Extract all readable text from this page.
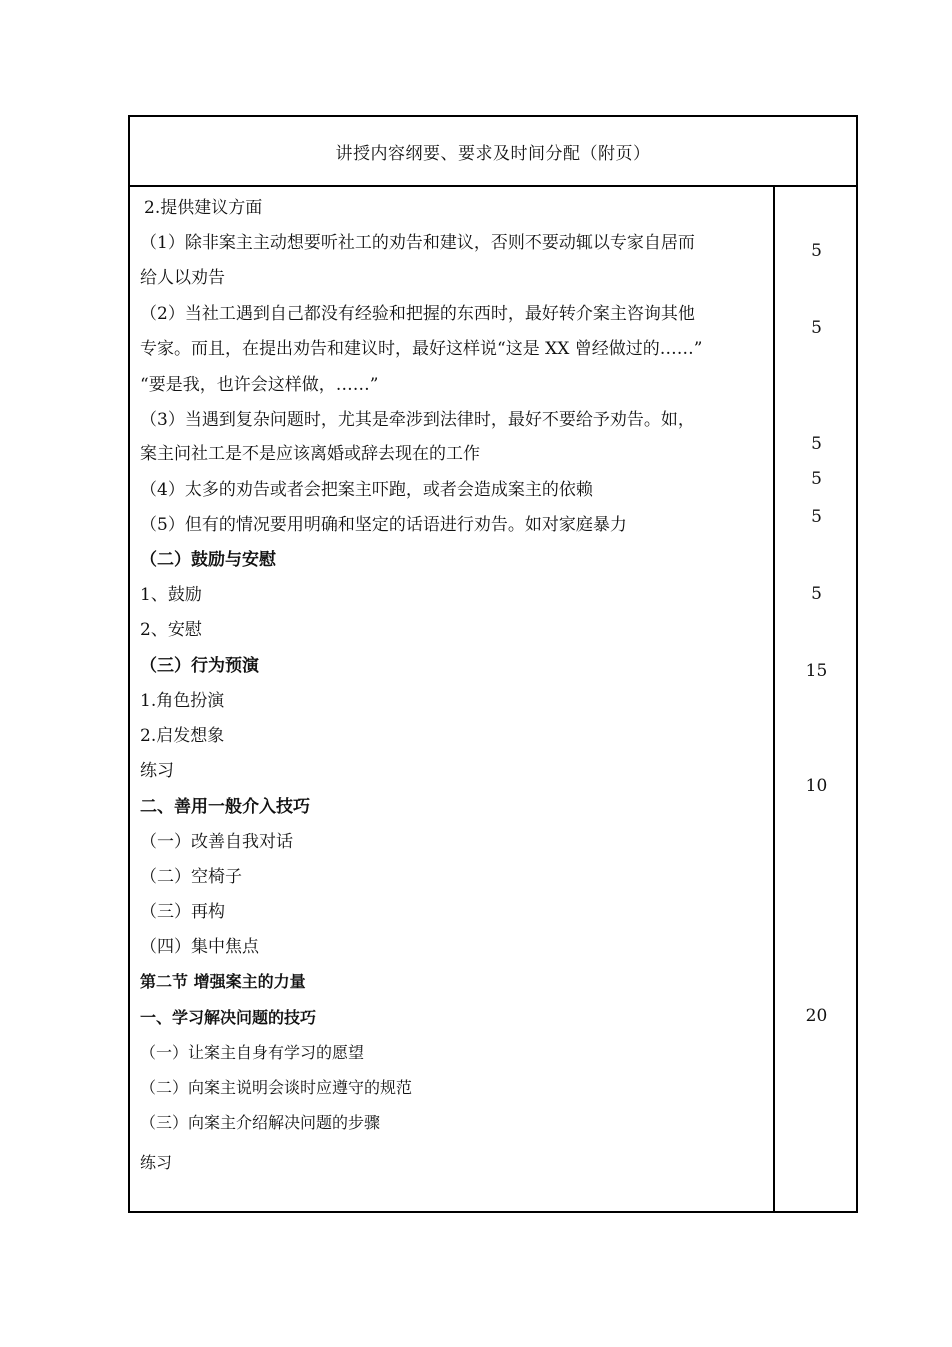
讲授内容纲要、要求及时间分配（附页）
2.提供建议方面
（1）除非案主主动想要听社工的劝告和建议，否则不要动辄以专家自居而
给人以劝告
（2）当社工遇到自己都没有经验和把握的东西时，最好转介案主咨询其他
专家。而且，在提出劝告和建议时，最好这样说“这是 XX 曾经做过的……”
“要是我，也许会这样做，……”
（3）当遇到复杂问题时，尤其是牵涉到法律时，最好不要给予劝告。如，
案主问社工是不是应该离婚或辞去现在的工作
（4）太多的劝告或者会把案主吓跑，或者会造成案主的依赖
（5）但有的情况要用明确和坚定的话语进行劝告。如对家庭暴力
（二）鼓励与安慰
1、鼓励
2、安慰
（三）行为预演
1.角色扮演
2.启发想象
练习
二、善用一般介入技巧
（一）改善自我对话
（二）空椅子
（三）再构
（四）集中焦点
第二节 增强案主的力量
一、学习解决问题的技巧
（一）让案主自身有学习的愿望
（二）向案主说明会谈时应遵守的规范
（三）向案主介绍解决问题的步骤
练习
5
5
5
5
5
5
15
10
20
